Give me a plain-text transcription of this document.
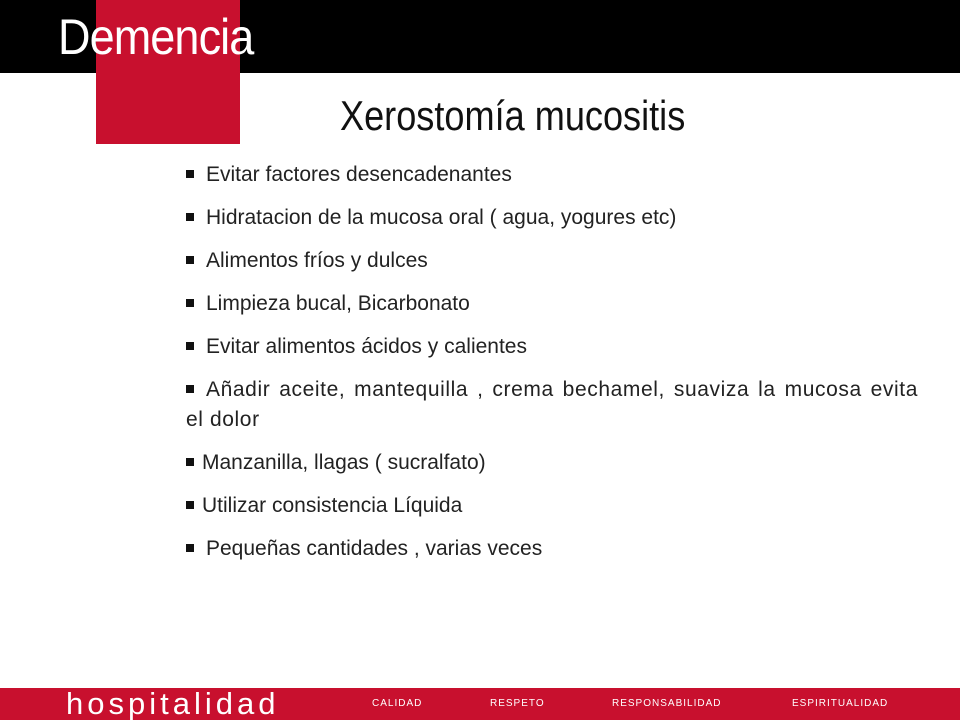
Demencia
Xerostomía mucositis
Evitar factores desencadenantes
Hidratacion de la mucosa oral ( agua, yogures etc)
Alimentos fríos y dulces
Limpieza bucal, Bicarbonato
Evitar alimentos ácidos y calientes
Añadir aceite, mantequilla , crema bechamel, suaviza la mucosa evita el dolor
Manzanilla, llagas ( sucralfato)
Utilizar consistencia Líquida
Pequeñas cantidades , varias veces
hospitalidad	CALIDAD	RESPETO	RESPONSABILIDAD	ESPIRITUALIDAD
